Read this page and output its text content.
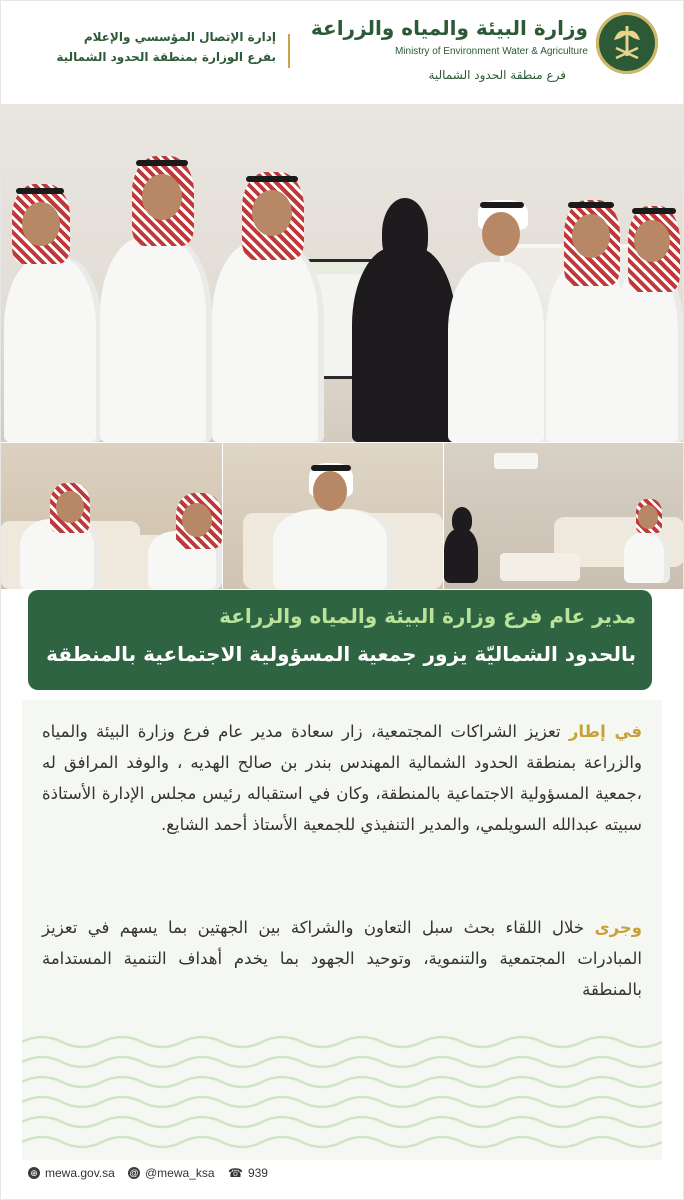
وزارة البيئة والمياه والزراعة
Ministry of Environment Water & Agriculture
فرع منطقة الحدود الشمالية
إدارة الإتصال المؤسسي والإعلام
بفرع الوزارة بمنطقة الحدود الشمالية
مدير عام فرع وزارة البيئة والمياه والزراعة
بالحدود الشماليّة يزور جمعية المسؤولية الاجتماعية بالمنطقة
في إطار تعزيز الشراكات المجتمعية، زار سعادة مدير عام فرع وزارة البيئة والمياه والزراعة بمنطقة الحدود الشمالية المهندس بندر بن صالح الهديه ، والوفد المرافق له ،جمعية المسؤولية الاجتماعية بالمنطقة، وكان في استقباله رئيس مجلس الإدارة الأستاذة سبيته عبدالله السويلمي، والمدير التنفيذي للجمعية الأستاذ أحمد الشايع.
وجرى خلال اللقاء بحث سبل التعاون والشراكة بين الجهتين بما يسهم في تعزيز المبادرات المجتمعية والتنموية، وتوحيد الجهود بما يخدم أهداف التنمية المستدامة بالمنطقة
⊕ mewa.gov.sa @ @mewa_ksa ☎ 939
